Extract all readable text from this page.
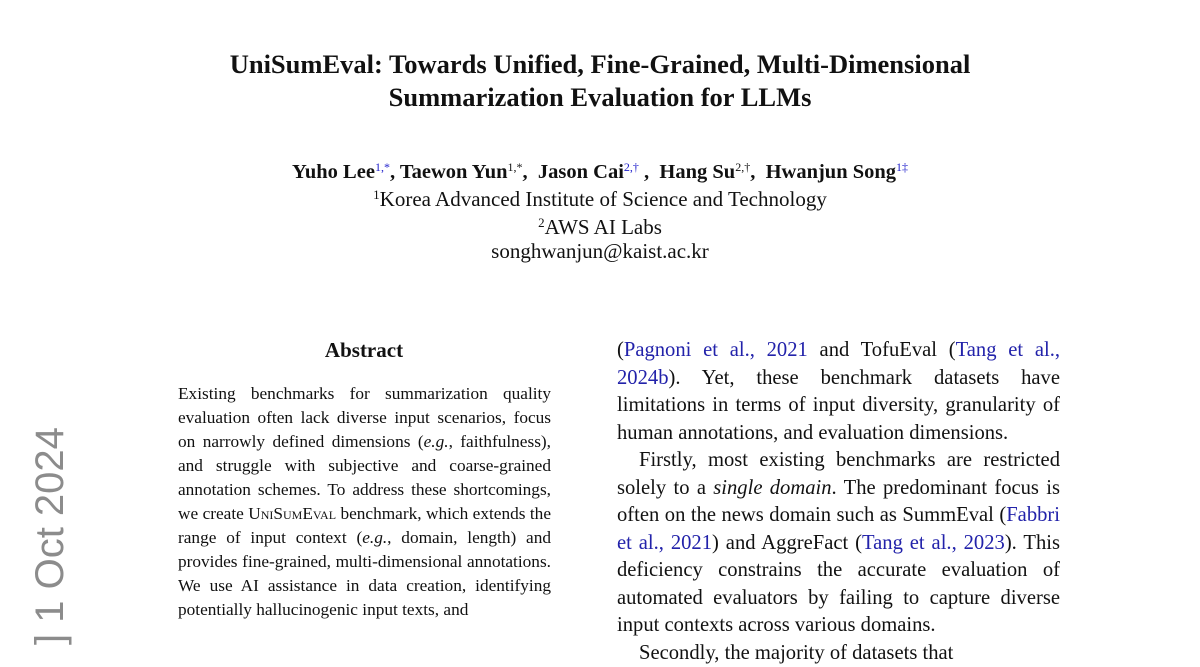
] 1 Oct 2024
UniSumEval: Towards Unified, Fine-Grained, Multi-Dimensional
Summarization Evaluation for LLMs
Yuho Lee$^{1,*}$, Taewon Yun$^{1,*}$,  Jason Cai$^{2,\dagger}$ ,  Hang $Su^{2,\dagger}$,  Hwanjun Song$^{1\ddagger}$
$^1$Korea Advanced Institute of Science and Technology
$^2$AWS AI Labs
songhwanjun@kaist.ac.kr
Abstract
Existing benchmarks for summarization quality evaluation often lack diverse input scenarios, focus on narrowly defined dimensions (e.g., faithfulness), and struggle with subjective and coarse-grained annotation schemes. To address these shortcomings, we create UniSumEval benchmark, which extends the range of input context (e.g., domain, length) and provides fine-grained, multi-dimensional annotations. We use AI assistance in data creation, identifying potentially hallucinogenic input texts, and

(Pagnoni et al., 2021 and TofuEval (Tang et al., 2024b). Yet, these benchmark datasets have limitations in terms of input diversity, granularity of human annotations, and evaluation dimensions.

Firstly, most existing benchmarks are restricted solely to a single domain. The predominant focus is often on the news domain such as SummEval (Fabbri et al., 2021) and AggreFact (Tang et al., 2023). This deficiency constrains the accurate evaluation of automated evaluators by failing to capture diverse input contexts across various domains.

Secondly, the majority of datasets that
